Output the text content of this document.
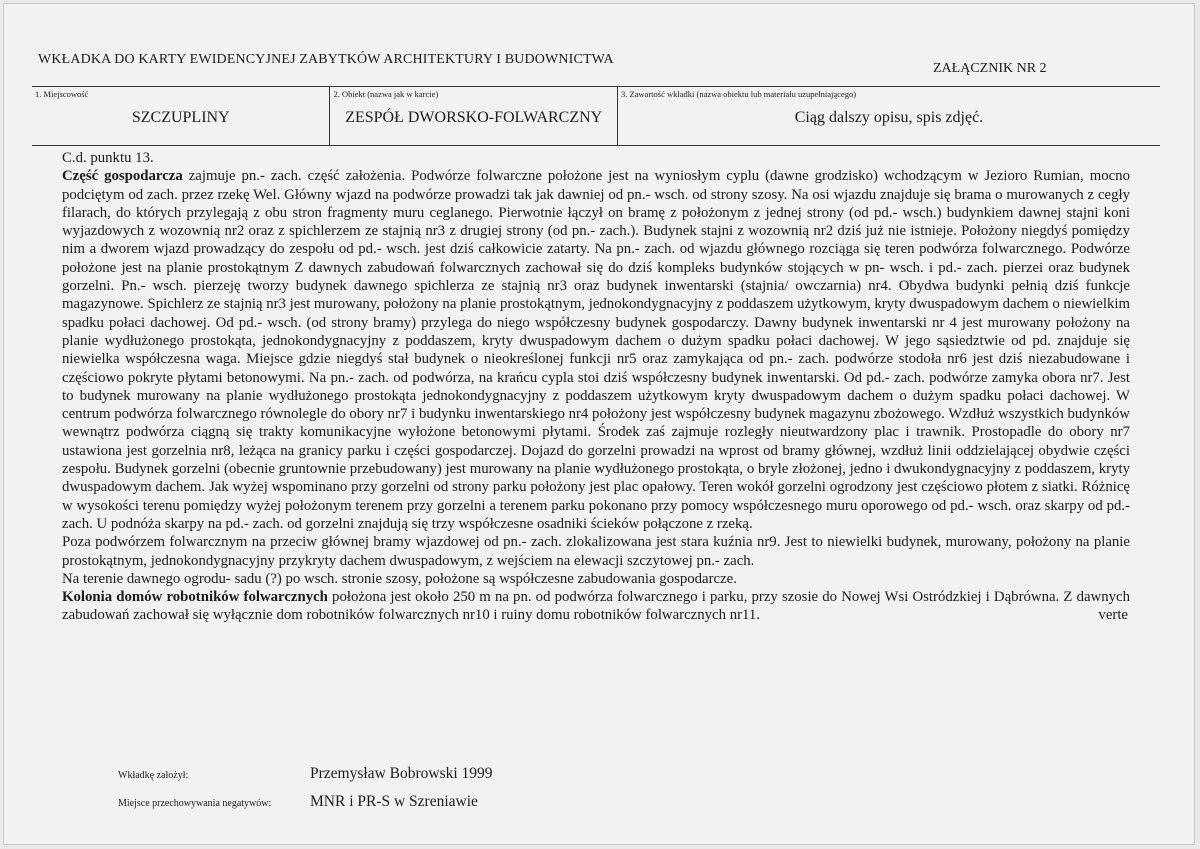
WKŁADKA DO KARTY EWIDENCYJNEJ ZABYTKÓW ARCHITEKTURY I BUDOWNICTWA
ZAŁĄCZNIK NR 2
1. Miejscowość
SZCZUPLINY
2. Obiekt (nazwa jak w karcie)
ZESPÓŁ DWORSKO-FOLWARCZNY
3. Zawartość wkładki (nazwa obiektu lub materiału uzupełniającego)
Ciąg dalszy opisu, spis zdjęć.

C.d. punktu 13.

Część gospodarcza zajmuje pn.- zach. część założenia. Podwórze folwarczne położone jest na wyniosłym cyplu (dawne grodzisko) wchodzącym w Jezioro Rumian, mocno podciętym od zach. przez rzekę Wel. Główny wjazd na podwórze prowadzi tak jak dawniej od pn.- wsch. od strony szosy. Na osi wjazdu znajduje się brama o murowanych z cegły filarach, do których przylegają z obu stron fragmenty muru ceglanego. Pierwotnie łączył on bramę z położonym z jednej strony (od pd.- wsch.) budynkiem dawnej stajni koni wyjazdowych z wozownią nr2 oraz z spichlerzem ze stajnią nr3 z drugiej strony (od pn.- zach.). Budynek stajni z wozownią nr2 dziś już nie istnieje. Położony niegdyś pomiędzy nim a dworem wjazd prowadzący do zespołu od pd.- wsch. jest dziś całkowicie zatarty. Na pn.- zach. od wjazdu głównego rozciąga się teren podwórza folwarcznego. Podwórze położone jest na planie prostokątnym Z dawnych zabudowań folwarcznych zachował się do dziś kompleks budynków stojących w pn- wsch. i pd.- zach. pierzei oraz budynek gorzelni. Pn.- wsch. pierzeję tworzy budynek dawnego spichlerza ze stajnią nr3 oraz budynek inwentarski (stajnia/ owczarnia) nr4. Obydwa budynki pełnią dziś funkcje magazynowe. Spichlerz ze stajnią nr3 jest murowany, położony na planie prostokątnym, jednokondygnacyjny z poddaszem użytkowym, kryty dwuspadowym dachem o niewielkim spadku połaci dachowej. Od pd.- wsch. (od strony bramy) przylega do niego współczesny budynek gospodarczy. Dawny budynek inwentarski nr 4 jest murowany położony na planie wydłużonego prostokąta, jednokondygnacyjny z poddaszem, kryty dwuspadowym dachem o dużym spadku połaci dachowej. W jego sąsiedztwie od pd. znajduje się niewielka współczesna waga. Miejsce gdzie niegdyś stał budynek o nieokreślonej funkcji nr5 oraz zamykająca od pn.- zach. podwórze stodoła nr6 jest dziś niezabudowane i częściowo pokryte płytami betonowymi. Na pn.- zach. od podwórza, na krańcu cypla stoi dziś współczesny budynek inwentarski. Od pd.- zach. podwórze zamyka obora nr7. Jest to budynek murowany na planie wydłużonego prostokąta jednokondygnacyjny z poddaszem użytkowym kryty dwuspadowym dachem o dużym spadku połaci dachowej. W centrum podwórza folwarcznego równolegle do obory nr7 i budynku inwentarskiego nr4 położony jest współczesny budynek magazynu zbożowego. Wzdłuż wszystkich budynków wewnątrz podwórza ciągną się trakty komunikacyjne wyłożone betonowymi płytami. Środek zaś zajmuje rozległy nieutwardzony plac i trawnik. Prostopadle do obory nr7 ustawiona jest gorzelnia nr8, leżąca na granicy parku i części gospodarczej. Dojazd do gorzelni prowadzi na wprost od bramy głównej, wzdłuż linii oddzielającej obydwie części zespołu. Budynek gorzelni (obecnie gruntownie przebudowany) jest murowany na planie wydłużonego prostokąta, o bryle złożonej, jedno i dwukondygnacyjny z poddaszem, kryty dwuspadowym dachem. Jak wyżej wspominano przy gorzelni od strony parku położony jest plac opałowy. Teren wokół gorzelni ogrodzony jest częściowo płotem z siatki. Różnicę w wysokości terenu pomiędzy wyżej położonym terenem przy gorzelni a terenem parku pokonano przy pomocy współczesnego muru oporowego od pd.- wsch. oraz skarpy od pd.- zach. U podnóża skarpy na pd.- zach. od gorzelni znajdują się trzy współczesne osadniki ścieków połączone z rzeką.

Poza podwórzem folwarcznym na przeciw głównej bramy wjazdowej od pn.- zach. zlokalizowana jest stara kuźnia nr9. Jest to niewielki budynek, murowany, położony na planie prostokątnym, jednokondygnacyjny przykryty dachem dwuspadowym, z wejściem na elewacji szczytowej pn.- zach.

Na terenie dawnego ogrodu- sadu (?) po wsch. stronie szosy, położone są współczesne zabudowania gospodarcze.

Kolonia domów robotników folwarcznych położona jest około 250 m na pn. od podwórza folwarcznego i parku, przy szosie do Nowej Wsi Ostródzkiej i Dąbrówna. Z dawnych zabudowań zachował się wyłącznie dom robotników folwarcznych nr10 i ruiny domu robotników folwarcznych nr11.	verte

Wkładkę założył:	Przemysław Bobrowski 1999
Miejsce przechowywania negatywów: MNR i PR-S w Szreniawie
